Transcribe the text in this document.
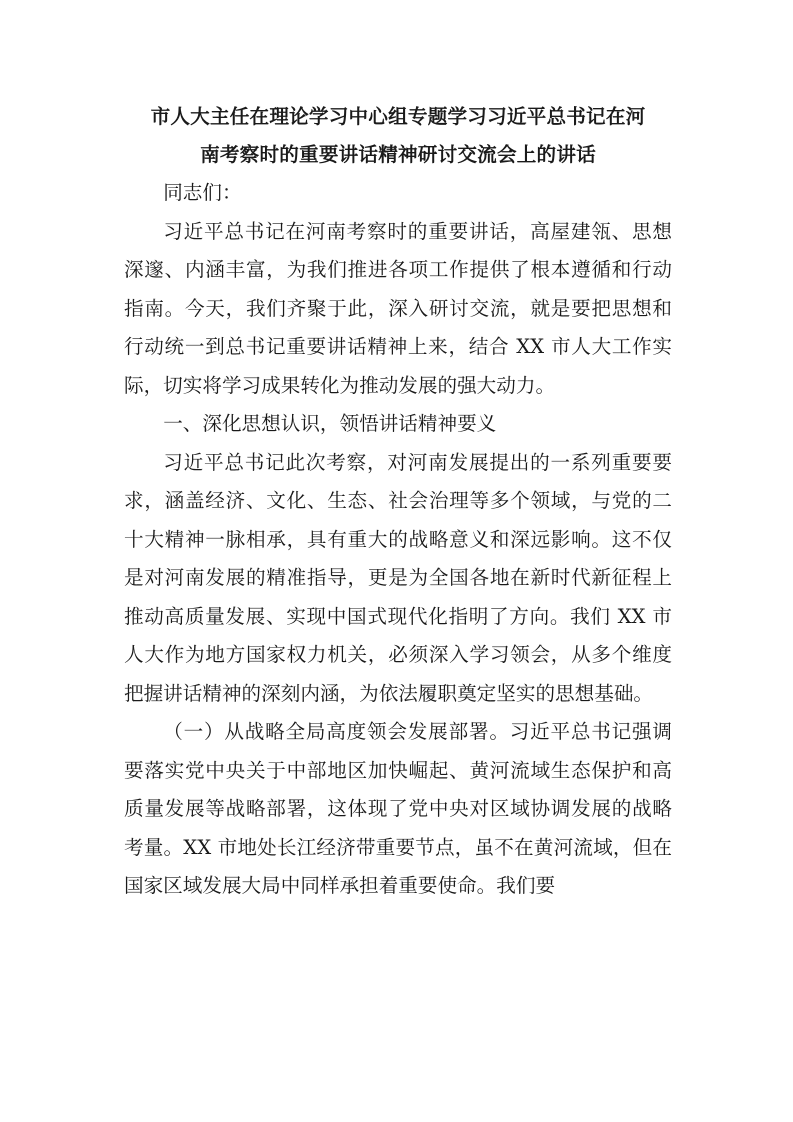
市人大主任在理论学习中心组专题学习习近平总书记在河
南考察时的重要讲话精神研讨交流会上的讲话

同志们：

习近平总书记在河南考察时的重要讲话，高屋建瓴、思想深邃、内涵丰富，为我们推进各项工作提供了根本遵循和行动指南。今天，我们齐聚于此，深入研讨交流，就是要把思想和行动统一到总书记重要讲话精神上来，结合 XX 市人大工作实际，切实将学习成果转化为推动发展的强大动力。

一、深化思想认识，领悟讲话精神要义

习近平总书记此次考察，对河南发展提出的一系列重要要求，涵盖经济、文化、生态、社会治理等多个领域，与党的二十大精神一脉相承，具有重大的战略意义和深远影响。这不仅是对河南发展的精准指导，更是为全国各地在新时代新征程上推动高质量发展、实现中国式现代化指明了方向。我们 XX 市人大作为地方国家权力机关，必须深入学习领会，从多个维度把握讲话精神的深刻内涵，为依法履职奠定坚实的思想基础。

（一）从战略全局高度领会发展部署。习近平总书记强调要落实党中央关于中部地区加快崛起、黄河流域生态保护和高质量发展等战略部署，这体现了党中央对区域协调发展的战略考量。XX 市地处长江经济带重要节点，虽不在黄河流域，但在国家区域发展大局中同样承担着重要使命。我们要
